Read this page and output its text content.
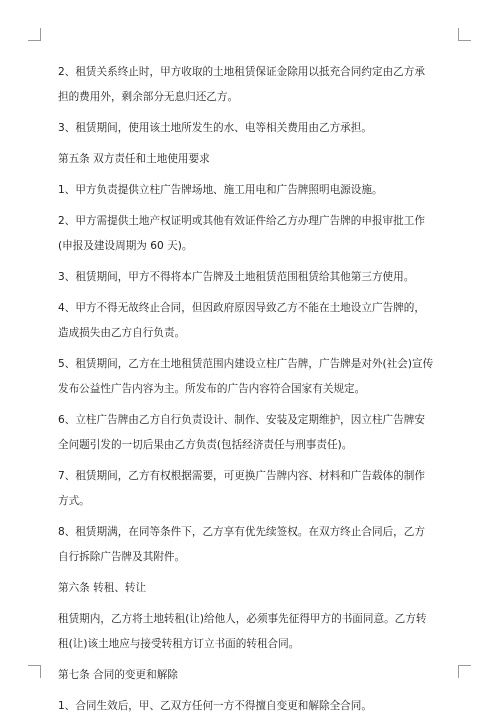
2、租赁关系终止时，甲方收取的土地租赁保证金除用以抵充合同约定由乙方承
担的费用外，剩余部分无息归还乙方。

3、租赁期间，使用该土地所发生的水、电等相关费用由乙方承担。

第五条 双方责任和土地使用要求

1、甲方负责提供立柱广告牌场地、施工用电和广告牌照明电源设施。

2、甲方需提供土地产权证明或其他有效证件给乙方办理广告牌的申报审批工作
(申报及建设周期为 60 天)。

3、租赁期间，甲方不得将本广告牌及土地租赁范围租赁给其他第三方使用。

4、甲方不得无故终止合同，但因政府原因导致乙方不能在土地设立广告牌的，
造成损失由乙方自行负责。

5、租赁期间，乙方在土地租赁范围内建设立柱广告牌，广告牌是对外(社会)宣传
发布公益性广告内容为主。所发布的广告内容符合国家有关规定。

6、立柱广告牌由乙方自行负责设计、制作、安装及定期维护，因立柱广告牌安
全问题引发的一切后果由乙方负责(包括经济责任与刑事责任)。

7、租赁期间，乙方有权根据需要，可更换广告牌内容、材料和广告载体的制作
方式。

8、租赁期满，在同等条件下，乙方享有优先续签权。在双方终止合同后，乙方
自行拆除广告牌及其附件。

第六条 转租、转让

租赁期内，乙方将土地转租(让)给他人，必须事先征得甲方的书面同意。乙方转
租(让)该土地应与接受转租方订立书面的转租合同。

第七条 合同的变更和解除

1、合同生效后，甲、乙双方任何一方不得擅自变更和解除全合同。
